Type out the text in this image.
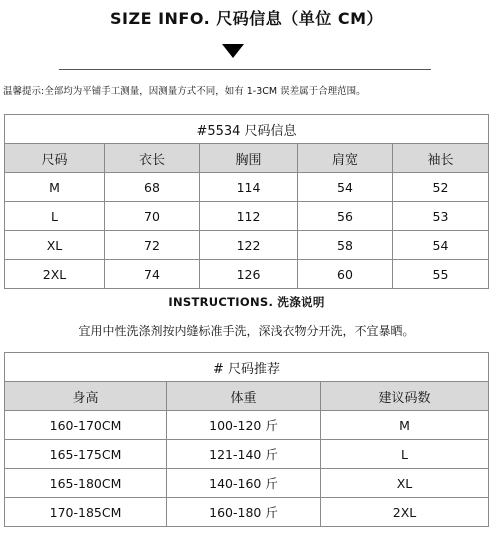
SIZE INFO. 尺码信息（单位 CM）
温馨提示:全部均为平铺手工测量，因测量方式不同，如有 1-3CM 误差属于合理范围。
#5534 尺码信息				
尺码	衣长	胸围	肩宽	袖长
M	68	114	54	52
L	70	112	56	53
XL	72	122	58	54
2XL	74	126	60	55
INSTRUCTIONS. 洗涤说明
宜用中性洗涤剂按内缝标准手洗，深浅衣物分开洗，不宜暴晒。
# 尺码推荐		
身高	体重	建议码数
160-170CM	100-120 斤	M
165-175CM	121-140 斤	L
165-180CM	140-160 斤	XL
170-185CM	160-180 斤	2XL
